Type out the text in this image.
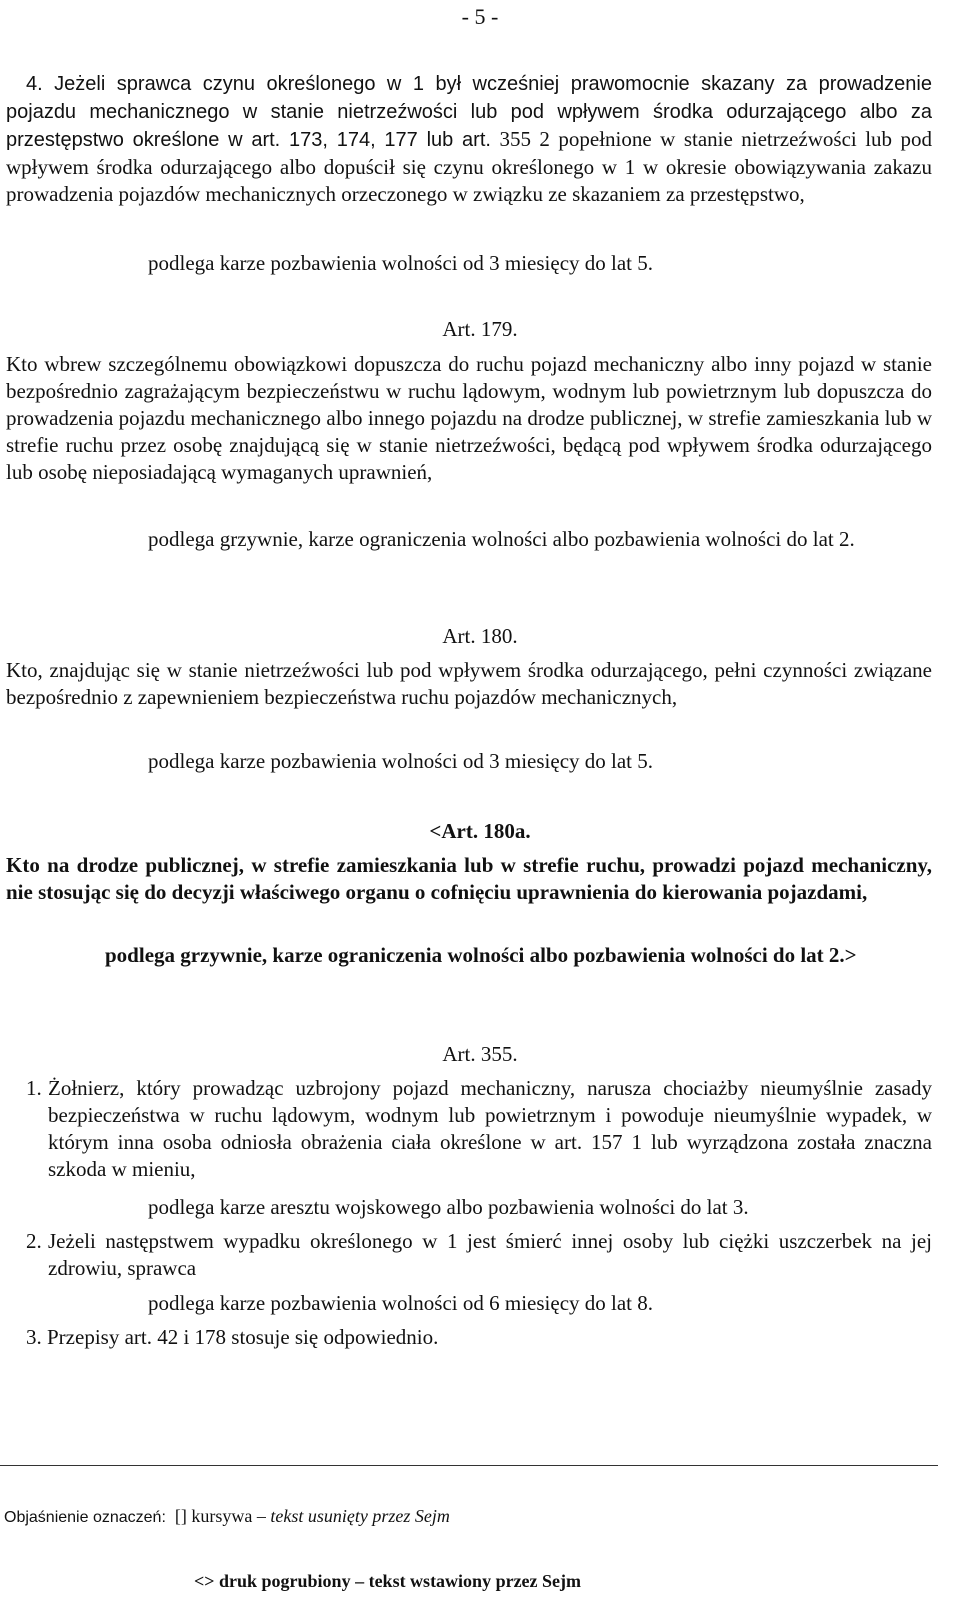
- 5 -
4. Jeżeli sprawca czynu określonego w 1 był wcześniej prawomocnie skazany za prowadzenie pojazdu mechanicznego w stanie nietrzeźwości lub pod wpływem środka odurzającego albo za przestępstwo określone w art. 173, 174, 177 lub art. 355 2 popełnione w stanie nietrzeźwości lub pod wpływem środka odurzającego albo dopuścił się czynu określonego w 1 w okresie obowiązywania zakazu prowadzenia pojazdów mechanicznych orzeczonego w związku ze skazaniem za przestępstwo,
podlega karze pozbawienia wolności od 3 miesięcy do lat 5.
Art. 179.
Kto wbrew szczególnemu obowiązkowi dopuszcza do ruchu pojazd mechaniczny albo inny pojazd w stanie bezpośrednio zagrażającym bezpieczeństwu w ruchu lądowym, wodnym lub powietrznym lub dopuszcza do prowadzenia pojazdu mechanicznego albo innego pojazdu na drodze publicznej, w strefie zamieszkania lub w strefie ruchu przez osobę znajdującą się w stanie nietrzeźwości, będącą pod wpływem środka odurzającego lub osobę nieposiadającą wymaganych uprawnień,
podlega grzywnie, karze ograniczenia wolności albo pozbawienia wolności do lat 2.
Art. 180.
Kto, znajdując się w stanie nietrzeźwości lub pod wpływem środka odurzającego, pełni czynności związane bezpośrednio z zapewnieniem bezpieczeństwa ruchu pojazdów mechanicznych,
podlega karze pozbawienia wolności od 3 miesięcy do lat 5.
<Art. 180a.
Kto na drodze publicznej, w strefie zamieszkania lub w strefie ruchu, prowadzi pojazd mechaniczny, nie stosując się do decyzji właściwego organu o cofnięciu uprawnienia do kierowania pojazdami,
podlega grzywnie, karze ograniczenia wolności albo pozbawienia wolności do lat 2.>
Art. 355.
1. Żołnierz, który prowadząc uzbrojony pojazd mechaniczny, narusza chociażby nieumyślnie zasady bezpieczeństwa w ruchu lądowym, wodnym lub powietrznym i powoduje nieumyślnie wypadek, w którym inna osoba odniosła obrażenia ciała określone w art. 157 1 lub wyrządzona została znaczna szkoda w mieniu,
podlega karze aresztu wojskowego albo pozbawienia wolności do lat 3.
2. Jeżeli następstwem wypadku określonego w 1 jest śmierć innej osoby lub ciężki uszczerbek na jej zdrowiu, sprawca
podlega karze pozbawienia wolności od 6 miesięcy do lat 8.
3. Przepisy art. 42 i 178 stosuje się odpowiednio.
Objaśnienie oznaczeń: [] kursywa – tekst usunięty przez Sejm
<> druk pogrubiony – tekst wstawiony przez Sejm
